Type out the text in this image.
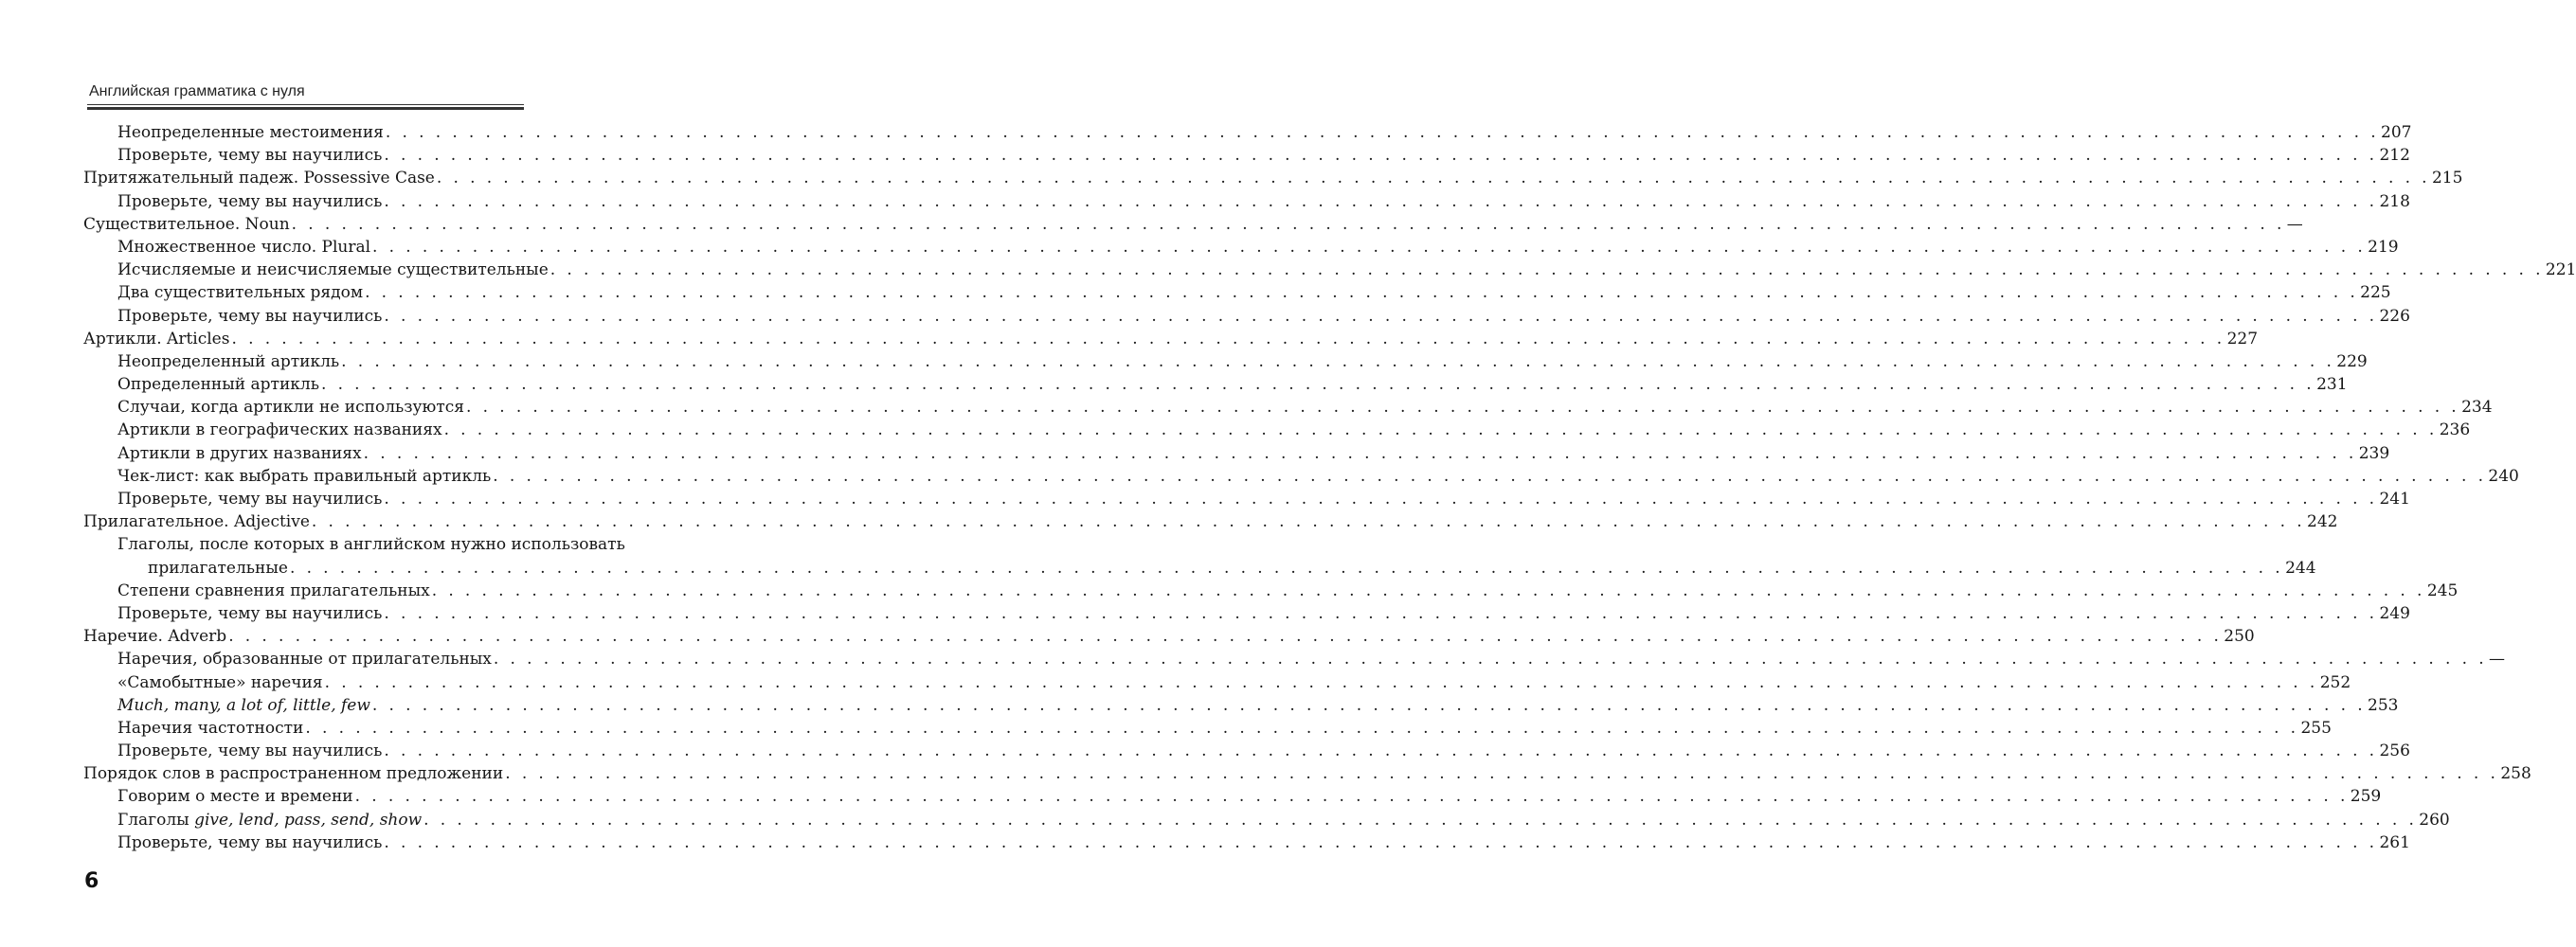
Английская грамматика с нуля
Неопределенные местоимения . . . . . . . . . . . . . . . . . . . . . . . . . . . . . . . . . . . . . . . . . . . . . . . . . . . . . . . . . . . . . . . . . . . . . . . . . . . . . . . . . . . . . . . . . . . . . . . . . . . . . . . . . . . . . . . . . . . . . . . . 207
Проверьте, чему вы научились . . . . . . . . . . . . . . . . . . . . . . . . . . . . . . . . . . . . . . . . . . . . . . . . . . . . . . . . . . . . . . . . . . . . . . . . . . . . . . . . . . . . . . . . . . . . . . . . . . . . . . . . . . . . . . . . . . . . . . . . 212
Притяжательный падеж. Possessive Case . . . . . . . . . . . . . . . . . . . . . . . . . . . . . . . . . . . . . . . . . . . . . . . . . . . . . . . . . . . . . . . . . . . . . . . . . . . . . . . . . . . . . . . . . . . . . . . . . . . . . . . . . . . . . . . . . . . . . . . . 215
Проверьте, чему вы научились . . . . . . . . . . . . . . . . . . . . . . . . . . . . . . . . . . . . . . . . . . . . . . . . . . . . . . . . . . . . . . . . . . . . . . . . . . . . . . . . . . . . . . . . . . . . . . . . . . . . . . . . . . . . . . . . . . . . . . . . 218
Существительное. Noun . . . . . . . . . . . . . . . . . . . . . . . . . . . . . . . . . . . . . . . . . . . . . . . . . . . . . . . . . . . . . . . . . . . . . . . . . . . . . . . . . . . . . . . . . . . . . . . . . . . . . . . . . . . . . . . . . . . . . . . . —
Множественное число. Plural . . . . . . . . . . . . . . . . . . . . . . . . . . . . . . . . . . . . . . . . . . . . . . . . . . . . . . . . . . . . . . . . . . . . . . . . . . . . . . . . . . . . . . . . . . . . . . . . . . . . . . . . . . . . . . . . . . . . . . . . 219
Исчисляемые и неисчисляемые существительные . . . . . . . . . . . . . . . . . . . . . . . . . . . . . . . . . . . . . . . . . . . . . . . . . . . . . . . . . . . . . . . . . . . . . . . . . . . . . . . . . . . . . . . . . . . . . . . . . . . . . . . . . . . . . . . . . . . . . . . . 221
Два существительных рядом . . . . . . . . . . . . . . . . . . . . . . . . . . . . . . . . . . . . . . . . . . . . . . . . . . . . . . . . . . . . . . . . . . . . . . . . . . . . . . . . . . . . . . . . . . . . . . . . . . . . . . . . . . . . . . . . . . . . . . . . 225
Проверьте, чему вы научились . . . . . . . . . . . . . . . . . . . . . . . . . . . . . . . . . . . . . . . . . . . . . . . . . . . . . . . . . . . . . . . . . . . . . . . . . . . . . . . . . . . . . . . . . . . . . . . . . . . . . . . . . . . . . . . . . . . . . . . . 226
Артикли. Articles . . . . . . . . . . . . . . . . . . . . . . . . . . . . . . . . . . . . . . . . . . . . . . . . . . . . . . . . . . . . . . . . . . . . . . . . . . . . . . . . . . . . . . . . . . . . . . . . . . . . . . . . . . . . . . . . . . . . . . . . 227
Неопределенный артикль . . . . . . . . . . . . . . . . . . . . . . . . . . . . . . . . . . . . . . . . . . . . . . . . . . . . . . . . . . . . . . . . . . . . . . . . . . . . . . . . . . . . . . . . . . . . . . . . . . . . . . . . . . . . . . . . . . . . . . . . 229
Определенный артикль . . . . . . . . . . . . . . . . . . . . . . . . . . . . . . . . . . . . . . . . . . . . . . . . . . . . . . . . . . . . . . . . . . . . . . . . . . . . . . . . . . . . . . . . . . . . . . . . . . . . . . . . . . . . . . . . . . . . . . . . 231
Случаи, когда артикли не используются . . . . . . . . . . . . . . . . . . . . . . . . . . . . . . . . . . . . . . . . . . . . . . . . . . . . . . . . . . . . . . . . . . . . . . . . . . . . . . . . . . . . . . . . . . . . . . . . . . . . . . . . . . . . . . . . . . . . . . . . 234
Артикли в географических названиях . . . . . . . . . . . . . . . . . . . . . . . . . . . . . . . . . . . . . . . . . . . . . . . . . . . . . . . . . . . . . . . . . . . . . . . . . . . . . . . . . . . . . . . . . . . . . . . . . . . . . . . . . . . . . . . . . . . . . . . . 236
Артикли в других названиях . . . . . . . . . . . . . . . . . . . . . . . . . . . . . . . . . . . . . . . . . . . . . . . . . . . . . . . . . . . . . . . . . . . . . . . . . . . . . . . . . . . . . . . . . . . . . . . . . . . . . . . . . . . . . . . . . . . . . . . . 239
Чек-лист: как выбрать правильный артикль . . . . . . . . . . . . . . . . . . . . . . . . . . . . . . . . . . . . . . . . . . . . . . . . . . . . . . . . . . . . . . . . . . . . . . . . . . . . . . . . . . . . . . . . . . . . . . . . . . . . . . . . . . . . . . . . . . . . . . . . 240
Проверьте, чему вы научились . . . . . . . . . . . . . . . . . . . . . . . . . . . . . . . . . . . . . . . . . . . . . . . . . . . . . . . . . . . . . . . . . . . . . . . . . . . . . . . . . . . . . . . . . . . . . . . . . . . . . . . . . . . . . . . . . . . . . . . . 241
Прилагательное. Adjective . . . . . . . . . . . . . . . . . . . . . . . . . . . . . . . . . . . . . . . . . . . . . . . . . . . . . . . . . . . . . . . . . . . . . . . . . . . . . . . . . . . . . . . . . . . . . . . . . . . . . . . . . . . . . . . . . . . . . . . . 242
Глаголы, после которых в английском нужно использовать
прилагательные . . . . . . . . . . . . . . . . . . . . . . . . . . . . . . . . . . . . . . . . . . . . . . . . . . . . . . . . . . . . . . . . . . . . . . . . . . . . . . . . . . . . . . . . . . . . . . . . . . . . . . . . . . . . . . . . . . . . . . . . 244
Степени сравнения прилагательных . . . . . . . . . . . . . . . . . . . . . . . . . . . . . . . . . . . . . . . . . . . . . . . . . . . . . . . . . . . . . . . . . . . . . . . . . . . . . . . . . . . . . . . . . . . . . . . . . . . . . . . . . . . . . . . . . . . . . . . . 245
Проверьте, чему вы научились . . . . . . . . . . . . . . . . . . . . . . . . . . . . . . . . . . . . . . . . . . . . . . . . . . . . . . . . . . . . . . . . . . . . . . . . . . . . . . . . . . . . . . . . . . . . . . . . . . . . . . . . . . . . . . . . . . . . . . . . 249
Наречие. Adverb . . . . . . . . . . . . . . . . . . . . . . . . . . . . . . . . . . . . . . . . . . . . . . . . . . . . . . . . . . . . . . . . . . . . . . . . . . . . . . . . . . . . . . . . . . . . . . . . . . . . . . . . . . . . . . . . . . . . . . . . 250
Наречия, образованные от прилагательных . . . . . . . . . . . . . . . . . . . . . . . . . . . . . . . . . . . . . . . . . . . . . . . . . . . . . . . . . . . . . . . . . . . . . . . . . . . . . . . . . . . . . . . . . . . . . . . . . . . . . . . . . . . . . . . . . . . . . . . . —
«Самобытные» наречия . . . . . . . . . . . . . . . . . . . . . . . . . . . . . . . . . . . . . . . . . . . . . . . . . . . . . . . . . . . . . . . . . . . . . . . . . . . . . . . . . . . . . . . . . . . . . . . . . . . . . . . . . . . . . . . . . . . . . . . . 252
Much, many, a lot of, little, few . . . . . . . . . . . . . . . . . . . . . . . . . . . . . . . . . . . . . . . . . . . . . . . . . . . . . . . . . . . . . . . . . . . . . . . . . . . . . . . . . . . . . . . . . . . . . . . . . . . . . . . . . . . . . . . . . . . . . . . . 253
Наречия частотности . . . . . . . . . . . . . . . . . . . . . . . . . . . . . . . . . . . . . . . . . . . . . . . . . . . . . . . . . . . . . . . . . . . . . . . . . . . . . . . . . . . . . . . . . . . . . . . . . . . . . . . . . . . . . . . . . . . . . . . . 255
Проверьте, чему вы научились . . . . . . . . . . . . . . . . . . . . . . . . . . . . . . . . . . . . . . . . . . . . . . . . . . . . . . . . . . . . . . . . . . . . . . . . . . . . . . . . . . . . . . . . . . . . . . . . . . . . . . . . . . . . . . . . . . . . . . . . 256
Порядок слов в распространенном предложении . . . . . . . . . . . . . . . . . . . . . . . . . . . . . . . . . . . . . . . . . . . . . . . . . . . . . . . . . . . . . . . . . . . . . . . . . . . . . . . . . . . . . . . . . . . . . . . . . . . . . . . . . . . . . . . . . . . . . . . . 258
Говорим о месте и времени . . . . . . . . . . . . . . . . . . . . . . . . . . . . . . . . . . . . . . . . . . . . . . . . . . . . . . . . . . . . . . . . . . . . . . . . . . . . . . . . . . . . . . . . . . . . . . . . . . . . . . . . . . . . . . . . . . . . . . . . 259
Глаголы give, lend, pass, send, show . . . . . . . . . . . . . . . . . . . . . . . . . . . . . . . . . . . . . . . . . . . . . . . . . . . . . . . . . . . . . . . . . . . . . . . . . . . . . . . . . . . . . . . . . . . . . . . . . . . . . . . . . . . . . . . . . . . . . . . . 260
Проверьте, чему вы научились . . . . . . . . . . . . . . . . . . . . . . . . . . . . . . . . . . . . . . . . . . . . . . . . . . . . . . . . . . . . . . . . . . . . . . . . . . . . . . . . . . . . . . . . . . . . . . . . . . . . . . . . . . . . . . . . . . . . . . . . 261
6
